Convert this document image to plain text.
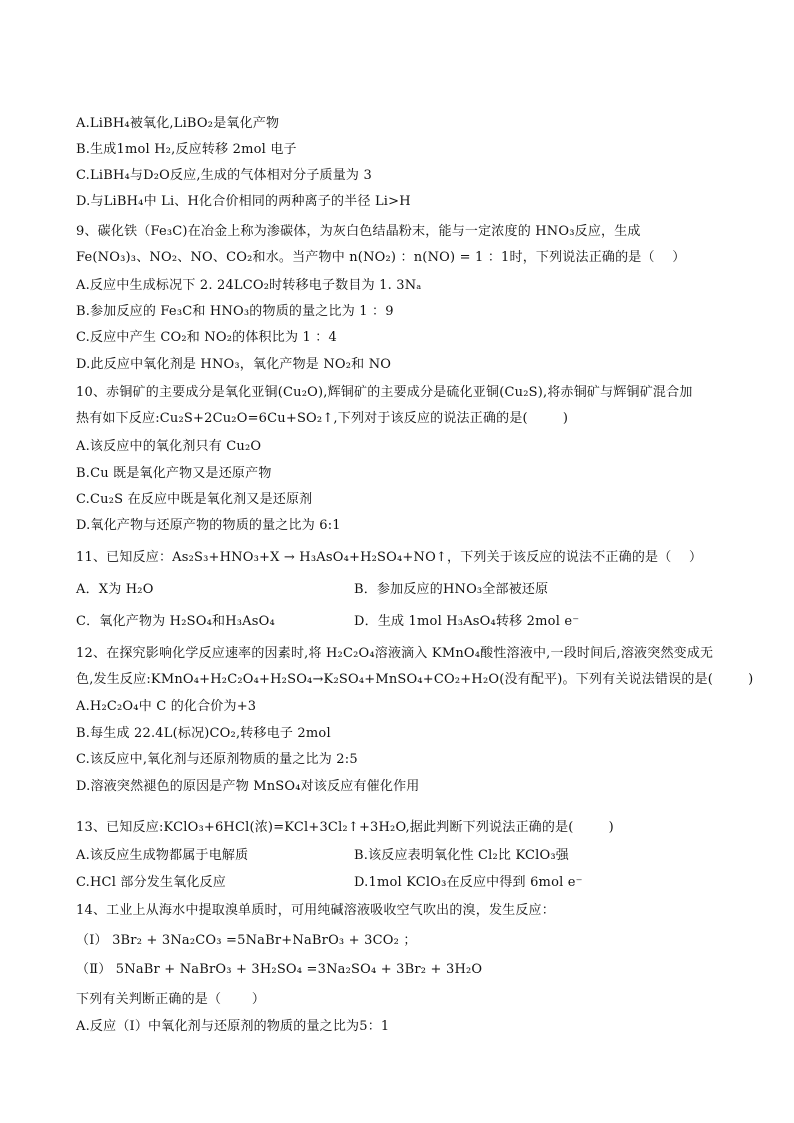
A.LiBH₄被氧化,LiBO₂是氧化产物
B.生成1mol H₂,反应转移 2mol 电子
C.LiBH₄与D₂O反应,生成的气体相对分子质量为 3
D.与LiBH₄中 Li、H化合价相同的两种离子的半径 Li>H
9、碳化铁（Fe₃C)在冶金上称为渗碳体，为灰白色结晶粉末，能与一定浓度的 HNO₃反应，生成
Fe(NO₃)₃、NO₂、NO、CO₂和水。当产物中 n(NO₂) ：n(NO) = 1 ：1时，下列说法正确的是（　 ）
A.反应中生成标况下 2. 24LCO₂时转移电子数目为 1. 3Nₐ
B.参加反应的 Fe₃C和 HNO₃的物质的量之比为 1 ：9
C.反应中产生 CO₂和 NO₂的体积比为 1 ：4
D.此反应中氧化剂是 HNO₃，氧化产物是 NO₂和 NO
10、赤铜矿的主要成分是氧化亚铜(Cu₂O),辉铜矿的主要成分是硫化亚铜(Cu₂S),将赤铜矿与辉铜矿混合加
热有如下反应:Cu₂S+2Cu₂O=6Cu+SO₂↑,下列对于该反应的说法正确的是(　 　 )
A.该反应中的氧化剂只有 Cu₂O
B.Cu 既是氧化产物又是还原产物
C.Cu₂S 在反应中既是氧化剂又是还原剂
D.氧化产物与还原产物的物质的量之比为 6:1
11、已知反应：As₂S₃+HNO₃+X → H₃AsO₄+H₂SO₄+NO↑，下列关于该反应的说法不正确的是（　 ）
A．X为 H₂O	B．参加反应的HNO₃全部被还原
C．氧化产物为 H₂SO₄和H₃AsO₄	D．生成 1mol H₃AsO₄转移 2mol e⁻
12、在探究影响化学反应速率的因素时,将 H₂C₂O₄溶液滴入 KMnO₄酸性溶液中,一段时间后,溶液突然变成无
色,发生反应:KMnO₄+H₂C₂O₄+H₂SO₄→K₂SO₄+MnSO₄+CO₂+H₂O(没有配平)。下列有关说法错误的是(　 　 )
A.H₂C₂O₄中 C 的化合价为+3
B.每生成 22.4L(标况)CO₂,转移电子 2mol
C.该反应中,氧化剂与还原剂物质的量之比为 2:5
D.溶液突然褪色的原因是产物 MnSO₄对该反应有催化作用
13、已知反应:KClO₃+6HCl(浓)=KCl+3Cl₂↑+3H₂O,据此判断下列说法正确的是(　 　 )
A.该反应生成物都属于电解质	B.该反应表明氧化性 Cl₂比 KClO₃强
C.HCl 部分发生氧化反应	D.1mol KClO₃在反应中得到 6mol e⁻
14、工业上从海水中提取溴单质时，可用纯碱溶液吸收空气吹出的溴，发生反应：
（I） 3Br₂ + 3Na₂CO₃ =5NaBr+NaBrO₃ + 3CO₂ ；
（Ⅱ） 5NaBr + NaBrO₃ + 3H₂SO₄ =3Na₂SO₄ + 3Br₂ + 3H₂O
下列有关判断正确的是（　 　）
A.反应（I）中氧化剂与还原剂的物质的量之比为5：1
